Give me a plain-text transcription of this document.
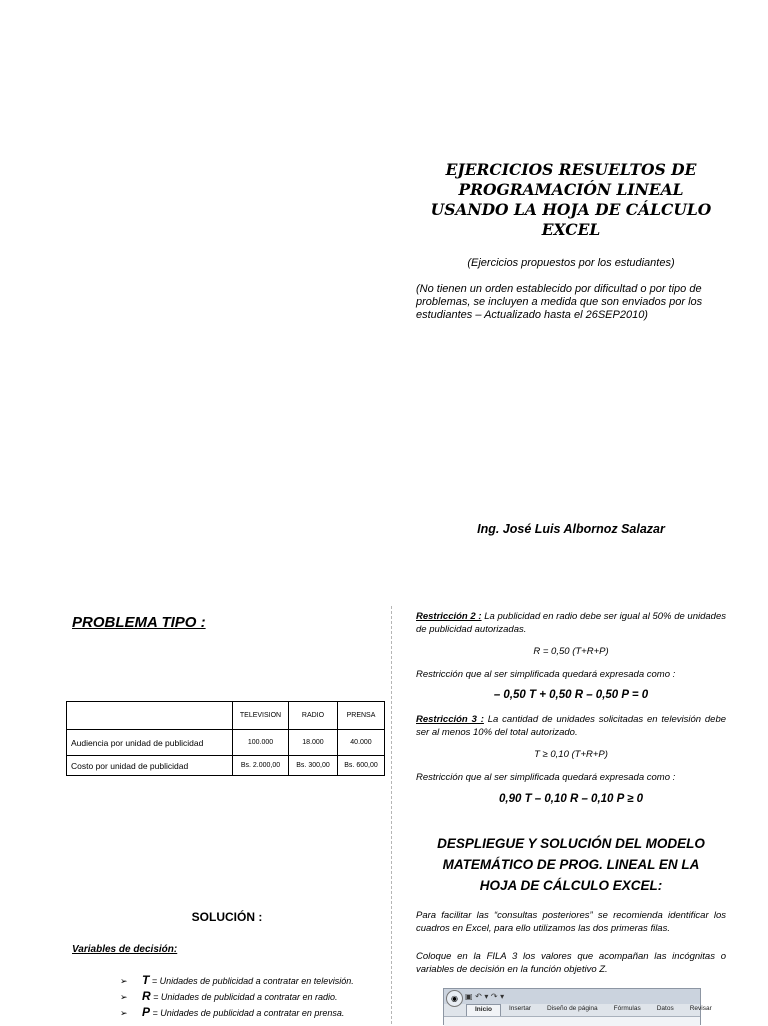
EJERCICIOS RESUELTOS DE
PROGRAMACIÓN LINEAL
USANDO LA HOJA DE CÁLCULO
EXCEL
(Ejercicios propuestos por los estudiantes)
(No tienen un orden establecido por dificultad o por tipo de problemas, se incluyen a medida que son enviados por los estudiantes – Actualizado hasta el 26SEP2010)
Ing. José Luis Albornoz Salazar
PROBLEMA TIPO :
	TELEVISION	RADIO	PRENSA
Audiencia por unidad de publicidad	100.000	18.000	40.000
Costo por unidad de publicidad	Bs. 2.000,00	Bs. 300,00	Bs. 600,00
SOLUCIÓN :
Variables de decisión:
➢ T = Unidades de publicidad a contratar en televisión.
➢ R = Unidades de publicidad a contratar en radio.
➢ P = Unidades de publicidad a contratar en prensa.
Restricción 2 : La publicidad en radio debe ser igual al 50% de unidades de publicidad autorizadas.
R = 0,50 (T+R+P)
Restricción que al ser simplificada quedará expresada como :
– 0,50 T + 0,50 R – 0,50 P = 0
Restricción 3 : La cantidad de unidades solicitadas en televisión debe ser al menos 10% del total autorizado.
T ≥ 0,10 (T+R+P)
Restricción que al ser simplificada quedará expresada como :
0,90 T – 0,10 R – 0,10 P ≥ 0
DESPLIEGUE Y SOLUCIÓN DEL MODELO
MATEMÁTICO DE PROG. LINEAL EN LA
HOJA DE CÁLCULO EXCEL:
Para facilitar las “consultas posteriores” se recomienda identificar los cuadros en Excel, para ello utilizamos las dos primeras filas.
Coloque en la FILA 3 los valores que acompañan las incógnitas o variables de decisión en la función objetivo Z.
◉ ▣ ↶ ▾ ↷ ▾
Inicio	Insertar	Diseño de página	Fórmulas	Datos	Revisar
